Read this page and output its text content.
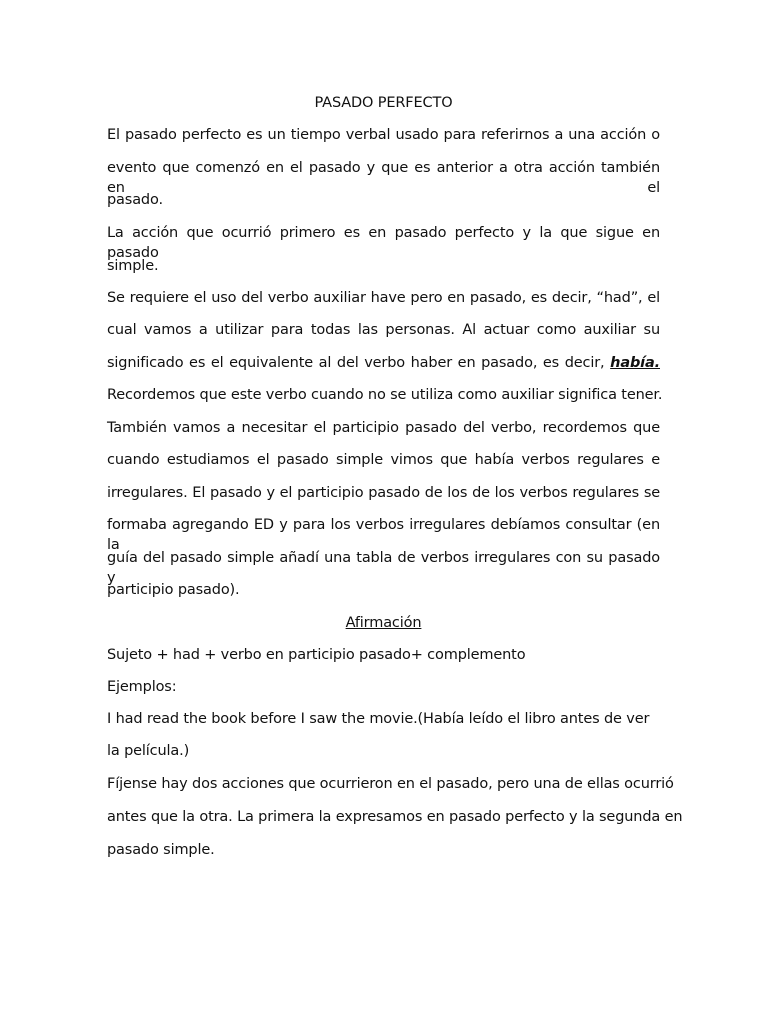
PASADO PERFECTO
El pasado perfecto es un tiempo verbal usado para referirnos a una acción o
evento que comenzó en el pasado y que es anterior a otra acción también en el
pasado.
La acción que ocurrió primero es en pasado perfecto y la que sigue en pasado
simple.
Se requiere el uso del verbo auxiliar have pero en pasado, es decir, “had”, el
cual vamos a utilizar para todas las personas. Al actuar como auxiliar su
significado es el equivalente al del verbo haber en pasado, es decir, había.
Recordemos que este verbo cuando no se utiliza como auxiliar significa tener.
También vamos a necesitar el participio pasado del verbo, recordemos que
cuando estudiamos el pasado simple vimos que había verbos regulares e
irregulares. El pasado y el participio pasado de los de los verbos regulares se
formaba agregando ED y para los verbos irregulares debíamos consultar (en la
guía del pasado simple añadí una tabla de verbos irregulares con su pasado y
participio pasado).
Afirmación
Sujeto + had + verbo en participio pasado+ complemento
Ejemplos:
I had read the book before I saw the movie.(Había leído el libro antes de ver
la película.)
Fíjense hay dos acciones que ocurrieron en el pasado, pero una de ellas ocurrió
antes que la otra. La primera la expresamos en pasado perfecto y la segunda en
pasado simple.
